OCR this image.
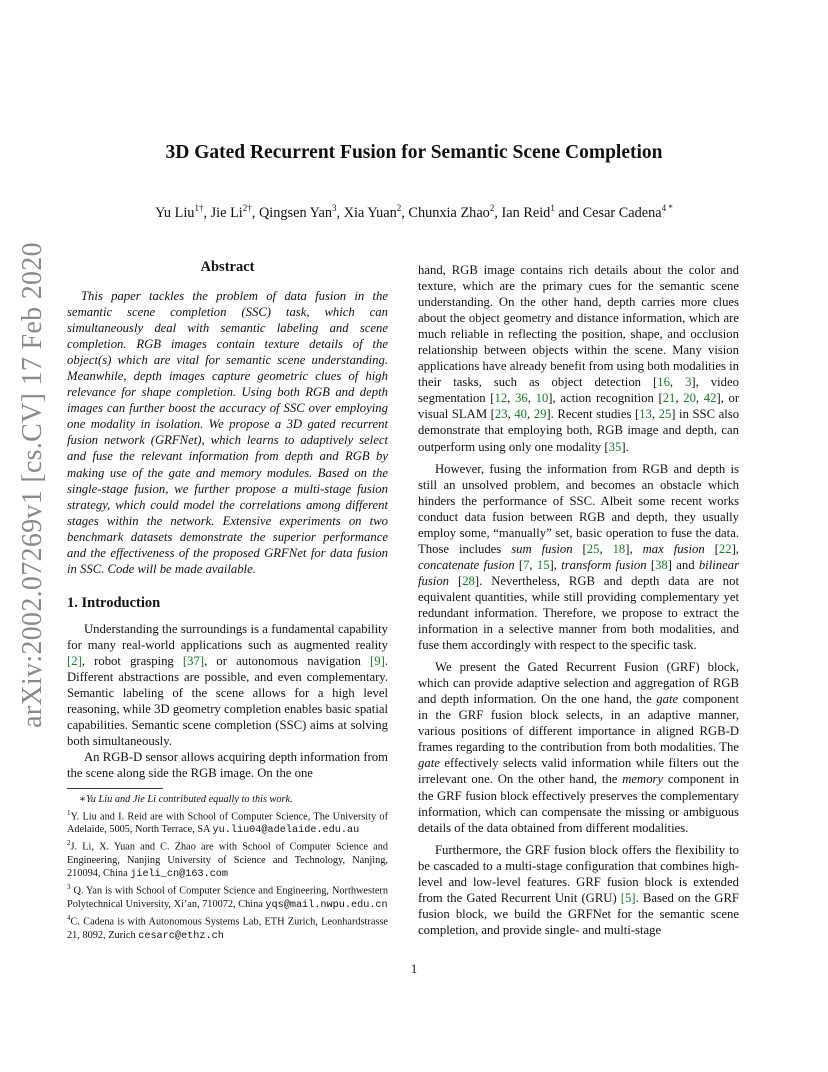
arXiv:2002.07269v1 [cs.CV] 17 Feb 2020
3D Gated Recurrent Fusion for Semantic Scene Completion
Yu Liu$^{1\dagger}$, Jie $Li^{2\dagger}$, Qingsen Yan$^3$, Xia Yuan$^2$, Chunxia Zhao$^2$, Ian Reid$^1$ and Cesar Cadena$^{4 *}$
Abstract

This paper tackles the problem of data fusion in the semantic scene completion (SSC) task, which can simultaneously deal with semantic labeling and scene completion. RGB images contain texture details of the object(s) which are vital for semantic scene understanding. Meanwhile, depth images capture geometric clues of high relevance for shape completion. Using both RGB and depth images can further boost the accuracy of SSC over employing one modality in isolation. We propose a 3D gated recurrent fusion network (GRFNet), which learns to adaptively select and fuse the relevant information from depth and RGB by making use of the gate and memory modules. Based on the single-stage fusion, we further propose a multi-stage fusion strategy, which could model the correlations among different stages within the network. Extensive experiments on two benchmark datasets demonstrate the superior performance and the effectiveness of the proposed GRFNet for data fusion in SSC. Code will be made available.

1. Introduction

Understanding the surroundings is a fundamental capability for many real-world applications such as augmented reality [2], robot grasping [37], or autonomous navigation [9]. Different abstractions are possible, and even complementary. Semantic labeling of the scene allows for a high level reasoning, while 3D geometry completion enables basic spatial capabilities. Semantic scene completion (SSC) aims at solving both simultaneously.

An RGB-D sensor allows acquiring depth information from the scene along side the RGB image. On the one

∗Yu Liu and Jie Li contributed equally to this work.
$^1$Y. Liu and I. Reid are with School of Computer Science, The University of Adelaide, 5005, North Terrace, SA yu.liu04@adelaide.edu.au
$^2$J. Li, X. Yuan and C. Zhao are with School of Computer Science and Engineering, Nanjing University of Science and Technology, Nanjing, 210094, China jieli_cn@163.com
$^3$ Q. Yan is with School of Computer Science and Engineering, Northwestern Polytechnical University, Xi’an, 710072, China yqs@mail.nwpu.edu.cn
$^4$C. Cadena is with Autonomous Systems Lab, ETH Zurich, Leonhardstrasse 21, 8092, Zurich cesarc@ethz.ch

hand, RGB image contains rich details about the color and texture, which are the primary cues for the semantic scene understanding. On the other hand, depth carries more clues about the object geometry and distance information, which are much reliable in reflecting the position, shape, and occlusion relationship between objects within the scene. Many vision applications have already benefit from using both modalities in their tasks, such as object detection [16, 3], video segmentation [12, 36, 10], action recognition [21, 20, 42], or visual SLAM [23, 40, 29]. Recent studies [13, 25] in SSC also demonstrate that employing both, RGB image and depth, can outperform using only one modality [35].

However, fusing the information from RGB and depth is still an unsolved problem, and becomes an obstacle which hinders the performance of SSC. Albeit some recent works conduct data fusion between RGB and depth, they usually employ some, “manually” set, basic operation to fuse the data. Those includes sum fusion [25, 18], max fusion [22], concatenate fusion [7, 15], transform fusion [38] and bilinear fusion [28]. Nevertheless, RGB and depth data are not equivalent quantities, while still providing complementary yet redundant information. Therefore, we propose to extract the information in a selective manner from both modalities, and fuse them accordingly with respect to the specific task.

We present the Gated Recurrent Fusion (GRF) block, which can provide adaptive selection and aggregation of RGB and depth information. On the one hand, the gate component in the GRF fusion block selects, in an adaptive manner, various positions of different importance in aligned RGB-D frames regarding to the contribution from both modalities. The gate effectively selects valid information while filters out the irrelevant one. On the other hand, the memory component in the GRF fusion block effectively preserves the complementary information, which can compensate the missing or ambiguous details of the data obtained from different modalities.

Furthermore, the GRF fusion block offers the flexibility to be cascaded to a multi-stage configuration that combines high-level and low-level features. GRF fusion block is extended from the Gated Recurrent Unit (GRU) [5]. Based on the GRF fusion block, we build the GRFNet for the semantic scene completion, and provide single- and multi-stage

1
